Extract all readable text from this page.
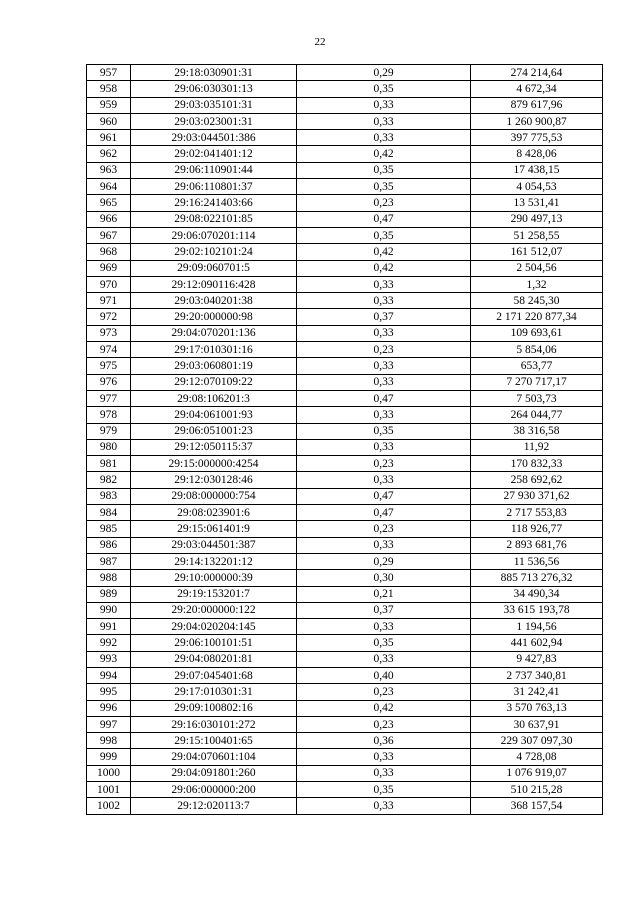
22
957	29:18:030901:31	0,29	274 214,64
958	29:06:030301:13	0,35	4 672,34
959	29:03:035101:31	0,33	879 617,96
960	29:03:023001:31	0,33	1 260 900,87
961	29:03:044501:386	0,33	397 775,53
962	29:02:041401:12	0,42	8 428,06
963	29:06:110901:44	0,35	17 438,15
964	29:06:110801:37	0,35	4 054,53
965	29:16:241403:66	0,23	13 531,41
966	29:08:022101:85	0,47	290 497,13
967	29:06:070201:114	0,35	51 258,55
968	29:02:102101:24	0,42	161 512,07
969	29:09:060701:5	0,42	2 504,56
970	29:12:090116:428	0,33	1,32
971	29:03:040201:38	0,33	58 245,30
972	29:20:000000:98	0,37	2 171 220 877,34
973	29:04:070201:136	0,33	109 693,61
974	29:17:010301:16	0,23	5 854,06
975	29:03:060801:19	0,33	653,77
976	29:12:070109:22	0,33	7 270 717,17
977	29:08:106201:3	0,47	7 503,73
978	29:04:061001:93	0,33	264 044,77
979	29:06:051001:23	0,35	38 316,58
980	29:12:050115:37	0,33	11,92
981	29:15:000000:4254	0,23	170 832,33
982	29:12:030128:46	0,33	258 692,62
983	29:08:000000:754	0,47	27 930 371,62
984	29:08:023901:6	0,47	2 717 553,83
985	29:15:061401:9	0,23	118 926,77
986	29:03:044501:387	0,33	2 893 681,76
987	29:14:132201:12	0,29	11 536,56
988	29:10:000000:39	0,30	885 713 276,32
989	29:19:153201:7	0,21	34 490,34
990	29:20:000000:122	0,37	33 615 193,78
991	29:04:020204:145	0,33	1 194,56
992	29:06:100101:51	0,35	441 602,94
993	29:04:080201:81	0,33	9 427,83
994	29:07:045401:68	0,40	2 737 340,81
995	29:17:010301:31	0,23	31 242,41
996	29:09:100802:16	0,42	3 570 763,13
997	29:16:030101:272	0,23	30 637,91
998	29:15:100401:65	0,36	229 307 097,30
999	29:04:070601:104	0,33	4 728,08
1000	29:04:091801:260	0,33	1 076 919,07
1001	29:06:000000:200	0,35	510 215,28
1002	29:12:020113:7	0,33	368 157,54
